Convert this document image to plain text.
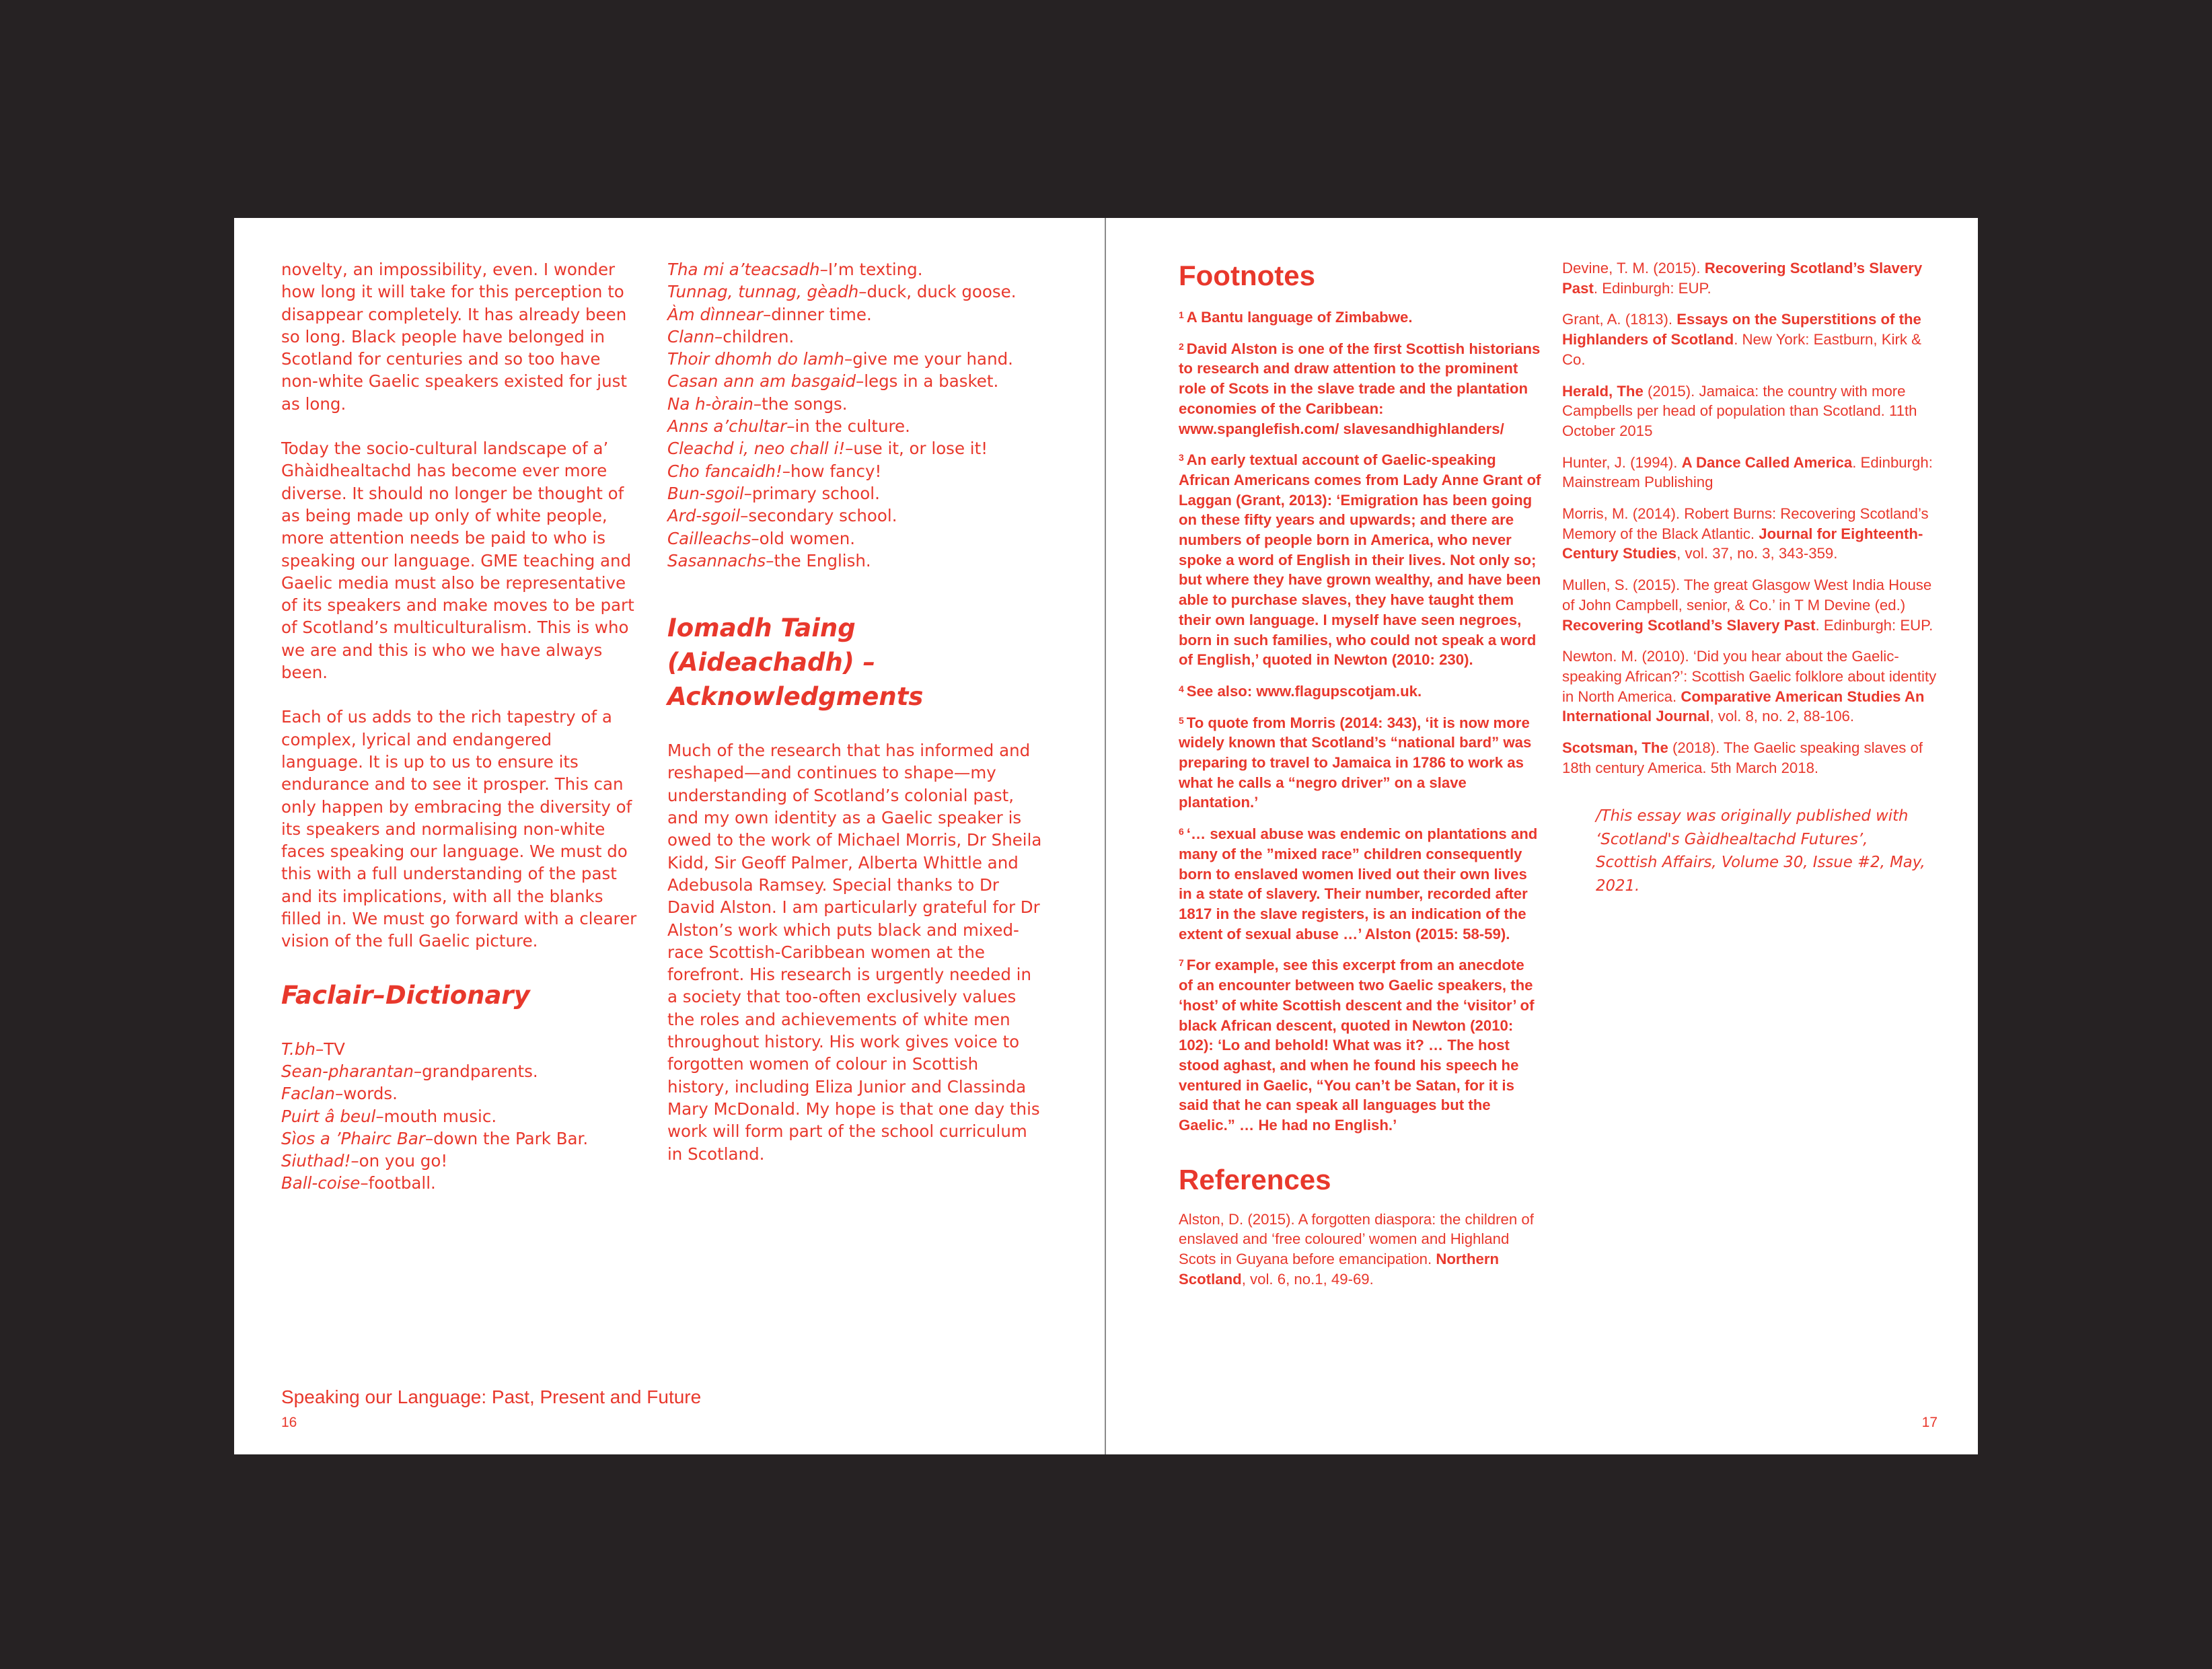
novelty, an impossibility, even. I wonder how long it will take for this perception to disappear completely. It has already been so long. Black people have belonged in Scotland for centuries and so too have non-white Gaelic speakers existed for just as long.

Today the socio-cultural landscape of a’ Ghàidhealtachd has become ever more diverse. It should no longer be thought of as being made up only of white people, more attention needs be paid to who is speaking our language. GME teaching and Gaelic media must also be representative of its speakers and make moves to be part of Scotland’s multiculturalism. This is who we are and this is who we have always been.

Each of us adds to the rich tapestry of a complex, lyrical and endangered language. It is up to us to ensure its endurance and to see it prosper. This can only happen by embracing the diversity of its speakers and normalising non-white faces speaking our language. We must do this with a full understanding of the past and its implications, with all the blanks filled in. We must go forward with a clearer vision of the full Gaelic picture.

Faclair–Dictionary
T.bh–TV
Sean-pharantan–grandparents.
Faclan–words.
Puirt â beul–mouth music.
Sìos a ’Phairc Bar–down the Park Bar.
Siuthad!–on you go!
Ball-coise–football.
Tha mi a’teacsadh–I’m texting.
Tunnag, tunnag, gèadh–duck, duck goose.
Àm dìnnear–dinner time.
Clann–children.
Thoir dhomh do lamh–give me your hand.
Casan ann am basgaid–legs in a basket.
Na h-òrain–the songs.
Anns a’chultar–in the culture.
Cleachd i, neo chall i!–use it, or lose it!
Cho fancaidh!–how fancy!
Bun-sgoil–primary school.
Ard-sgoil–secondary school.
Cailleachs–old women.
Sasannachs–the English.
Iomadh Taing (Aideachadh) –Acknowledgments

Much of the research that has informed and reshaped—and continues to shape—my understanding of Scotland’s colonial past, and my own identity as a Gaelic speaker is owed to the work of Michael Morris, Dr Sheila Kidd, Sir Geoff Palmer, Alberta Whittle and Adebusola Ramsey. Special thanks to Dr David Alston. I am particularly grateful for Dr Alston’s work which puts black and mixed-race Scottish-Caribbean women at the forefront. His research is urgently needed in a society that too-often exclusively values the roles and achievements of white men throughout history. His work gives voice to forgotten women of colour in Scottish history, including Eliza Junior and Classinda Mary McDonald. My hope is that one day this work will form part of the school curriculum in Scotland.

Speaking our Language: Past, Present and Future
16
Footnotes

$^1$ A Bantu language of Zimbabwe.

$^2$ David Alston is one of the first Scottish historians to research and draw attention to the prominent role of Scots in the slave trade and the plantation economies of the Caribbean: www.spanglefish.com/ slavesandhighlanders/

$^3$ An early textual account of Gaelic-speaking African Americans comes from Lady Anne Grant of Laggan (Grant, 2013): ‘Emigration has been going on these fifty years and upwards; and there are numbers of people born in America, who never spoke a word of English in their lives. Not only so; but where they have grown wealthy, and have been able to purchase slaves, they have taught them their own language. I myself have seen negroes, born in such families, who could not speak a word of English,’ quoted in Newton (2010: 230).

$^4$ See also: www.flagupscotjam.uk.

$^5$ To quote from Morris (2014: 343), ‘it is now more widely known that Scotland’s “national bard” was preparing to travel to Jamaica in 1786 to work as what he calls a “negro driver” on a slave plantation.’

$^6$ ‘… sexual abuse was endemic on plantations and many of the ”mixed race” children consequently born to enslaved women lived out their own lives in a state of slavery. Their number, recorded after 1817 in the slave registers, is an indication of the extent of sexual abuse …’ Alston (2015: 58-59).

$^7$ For example, see this excerpt from an anecdote of an encounter between two Gaelic speakers, the ‘host’ of white Scottish descent and the ‘visitor’ of black African descent, quoted in Newton (2010: 102): ‘Lo and behold! What was it? … The host stood aghast, and when he found his speech he ventured in Gaelic, “You can’t be Satan, for it is said that he can speak all languages but the Gaelic.” … He had no English.’

References

Alston, D. (2015). A forgotten diaspora: the children of enslaved and ‘free coloured’ women and Highland Scots in Guyana before emancipation. Northern Scotland, vol. 6, no.1, 49-69.

Devine, T. M. (2015). Recovering Scotland’s Slavery Past. Edinburgh: EUP.

Grant, A. (1813). Essays on the Superstitions of the Highlanders of Scotland. New York: Eastburn, Kirk & Co.

Herald, The (2015). Jamaica: the country with more Campbells per head of population than Scotland. 11th October 2015

Hunter, J. (1994). A Dance Called America. Edinburgh: Mainstream Publishing

Morris, M. (2014). Robert Burns: Recovering Scotland’s Memory of the Black Atlantic. Journal for Eighteenth-Century Studies, vol. 37, no. 3, 343-359.

Mullen, S. (2015). The great Glasgow West India House of John Campbell, senior, & Co.’ in T M Devine (ed.) Recovering Scotland’s Slavery Past. Edinburgh: EUP.

Newton. M. (2010). ‘Did you hear about the Gaelic-speaking African?’: Scottish Gaelic folklore about identity in North America. Comparative American Studies An International Journal, vol. 8, no. 2, 88-106.

Scotsman, The (2018). The Gaelic speaking slaves of 18th century America. 5th March 2018.

/This essay was originally published with ‘Scotland's Gàidhealtachd Futures’, Scottish Affairs, Volume 30, Issue #2, May, 2021.

17
